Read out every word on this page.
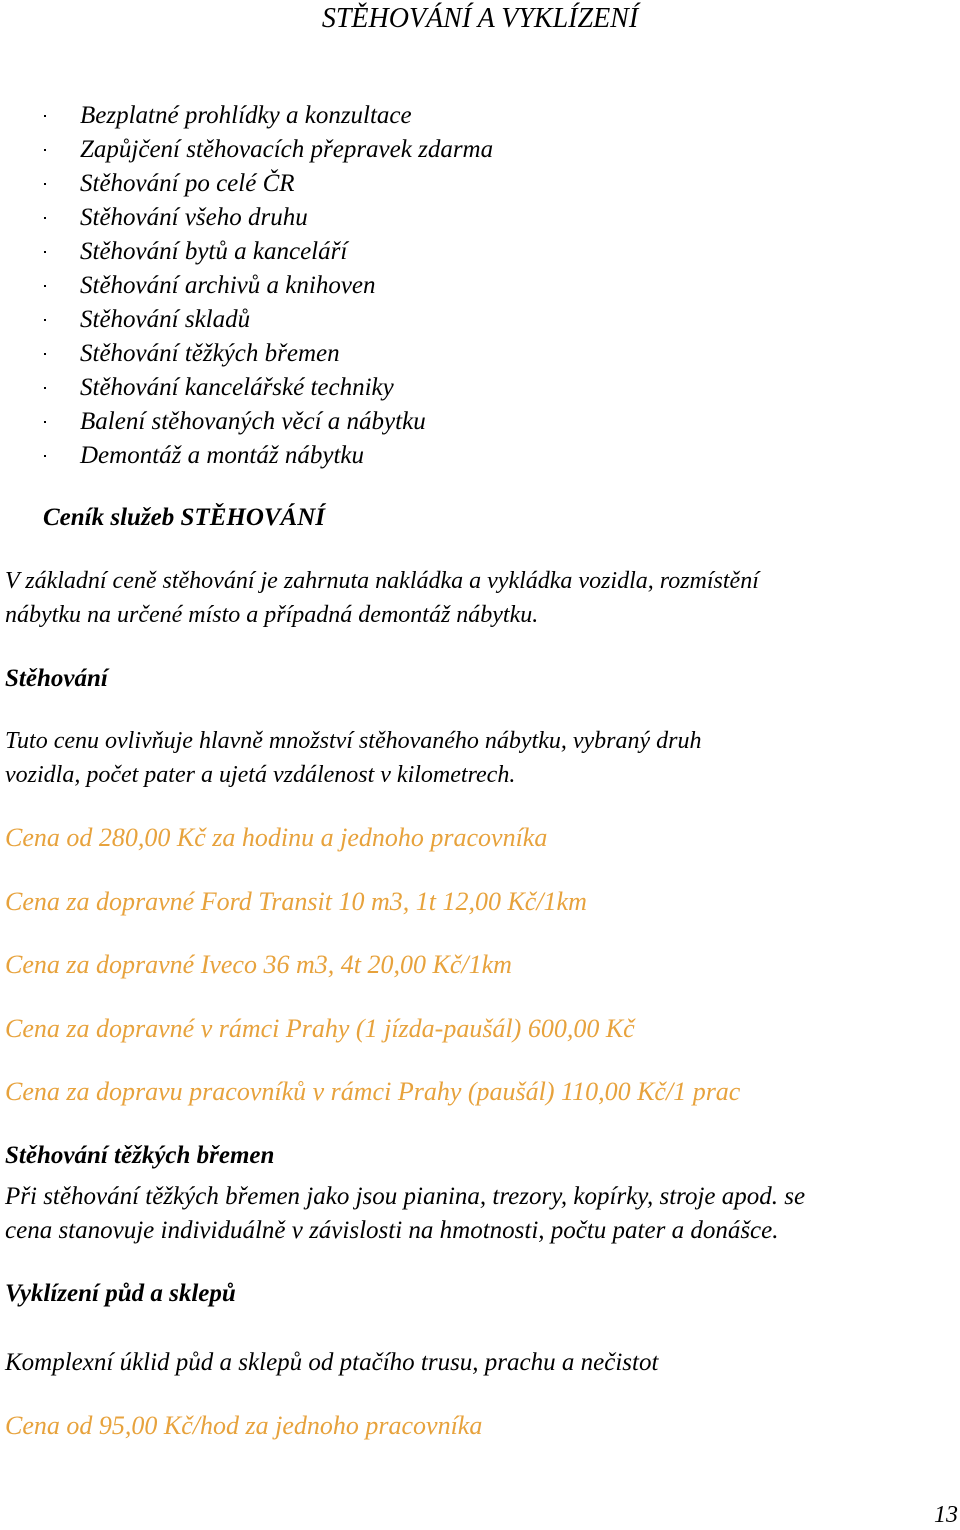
STĚHOVÁNÍ A VYKLÍZENÍ
Bezplatné prohlídky a konzultace
Zapůjčení stěhovacích přepravek zdarma
Stěhování po celé ČR
Stěhování všeho druhu
Stěhování bytů a kanceláří
Stěhování archivů a knihoven
Stěhování skladů
Stěhování těžkých břemen
Stěhování kancelářské techniky
Balení stěhovaných věcí a nábytku
Demontáž a montáž nábytku
Ceník služeb STĚHOVÁNÍ
V základní ceně stěhování je zahrnuta nakládka a vykládka vozidla, rozmístění
nábytku na určené místo a případná demontáž nábytku.
Stěhování
Tuto cenu ovlivňuje hlavně množství stěhovaného nábytku, vybraný druh
vozidla, počet pater a ujetá vzdálenost v kilometrech.
Cena od 280,00 Kč za hodinu a jednoho pracovníka
Cena za dopravné Ford Transit 10 m3, 1t 12,00 Kč/1km
Cena za dopravné Iveco 36 m3, 4t 20,00 Kč/1km
Cena za dopravné v rámci Prahy (1 jízda-paušál) 600,00 Kč
Cena za dopravu pracovníků v rámci Prahy (paušál) 110,00 Kč/1 prac
Stěhování těžkých břemen
Při stěhování těžkých břemen jako jsou pianina, trezory, kopírky, stroje apod. se
cena stanovuje individuálně v závislosti na hmotnosti, počtu pater a donášce.
Vyklízení půd a sklepů
Komplexní úklid půd a sklepů od ptačího trusu, prachu a nečistot
Cena od 95,00 Kč/hod za jednoho pracovníka
13
